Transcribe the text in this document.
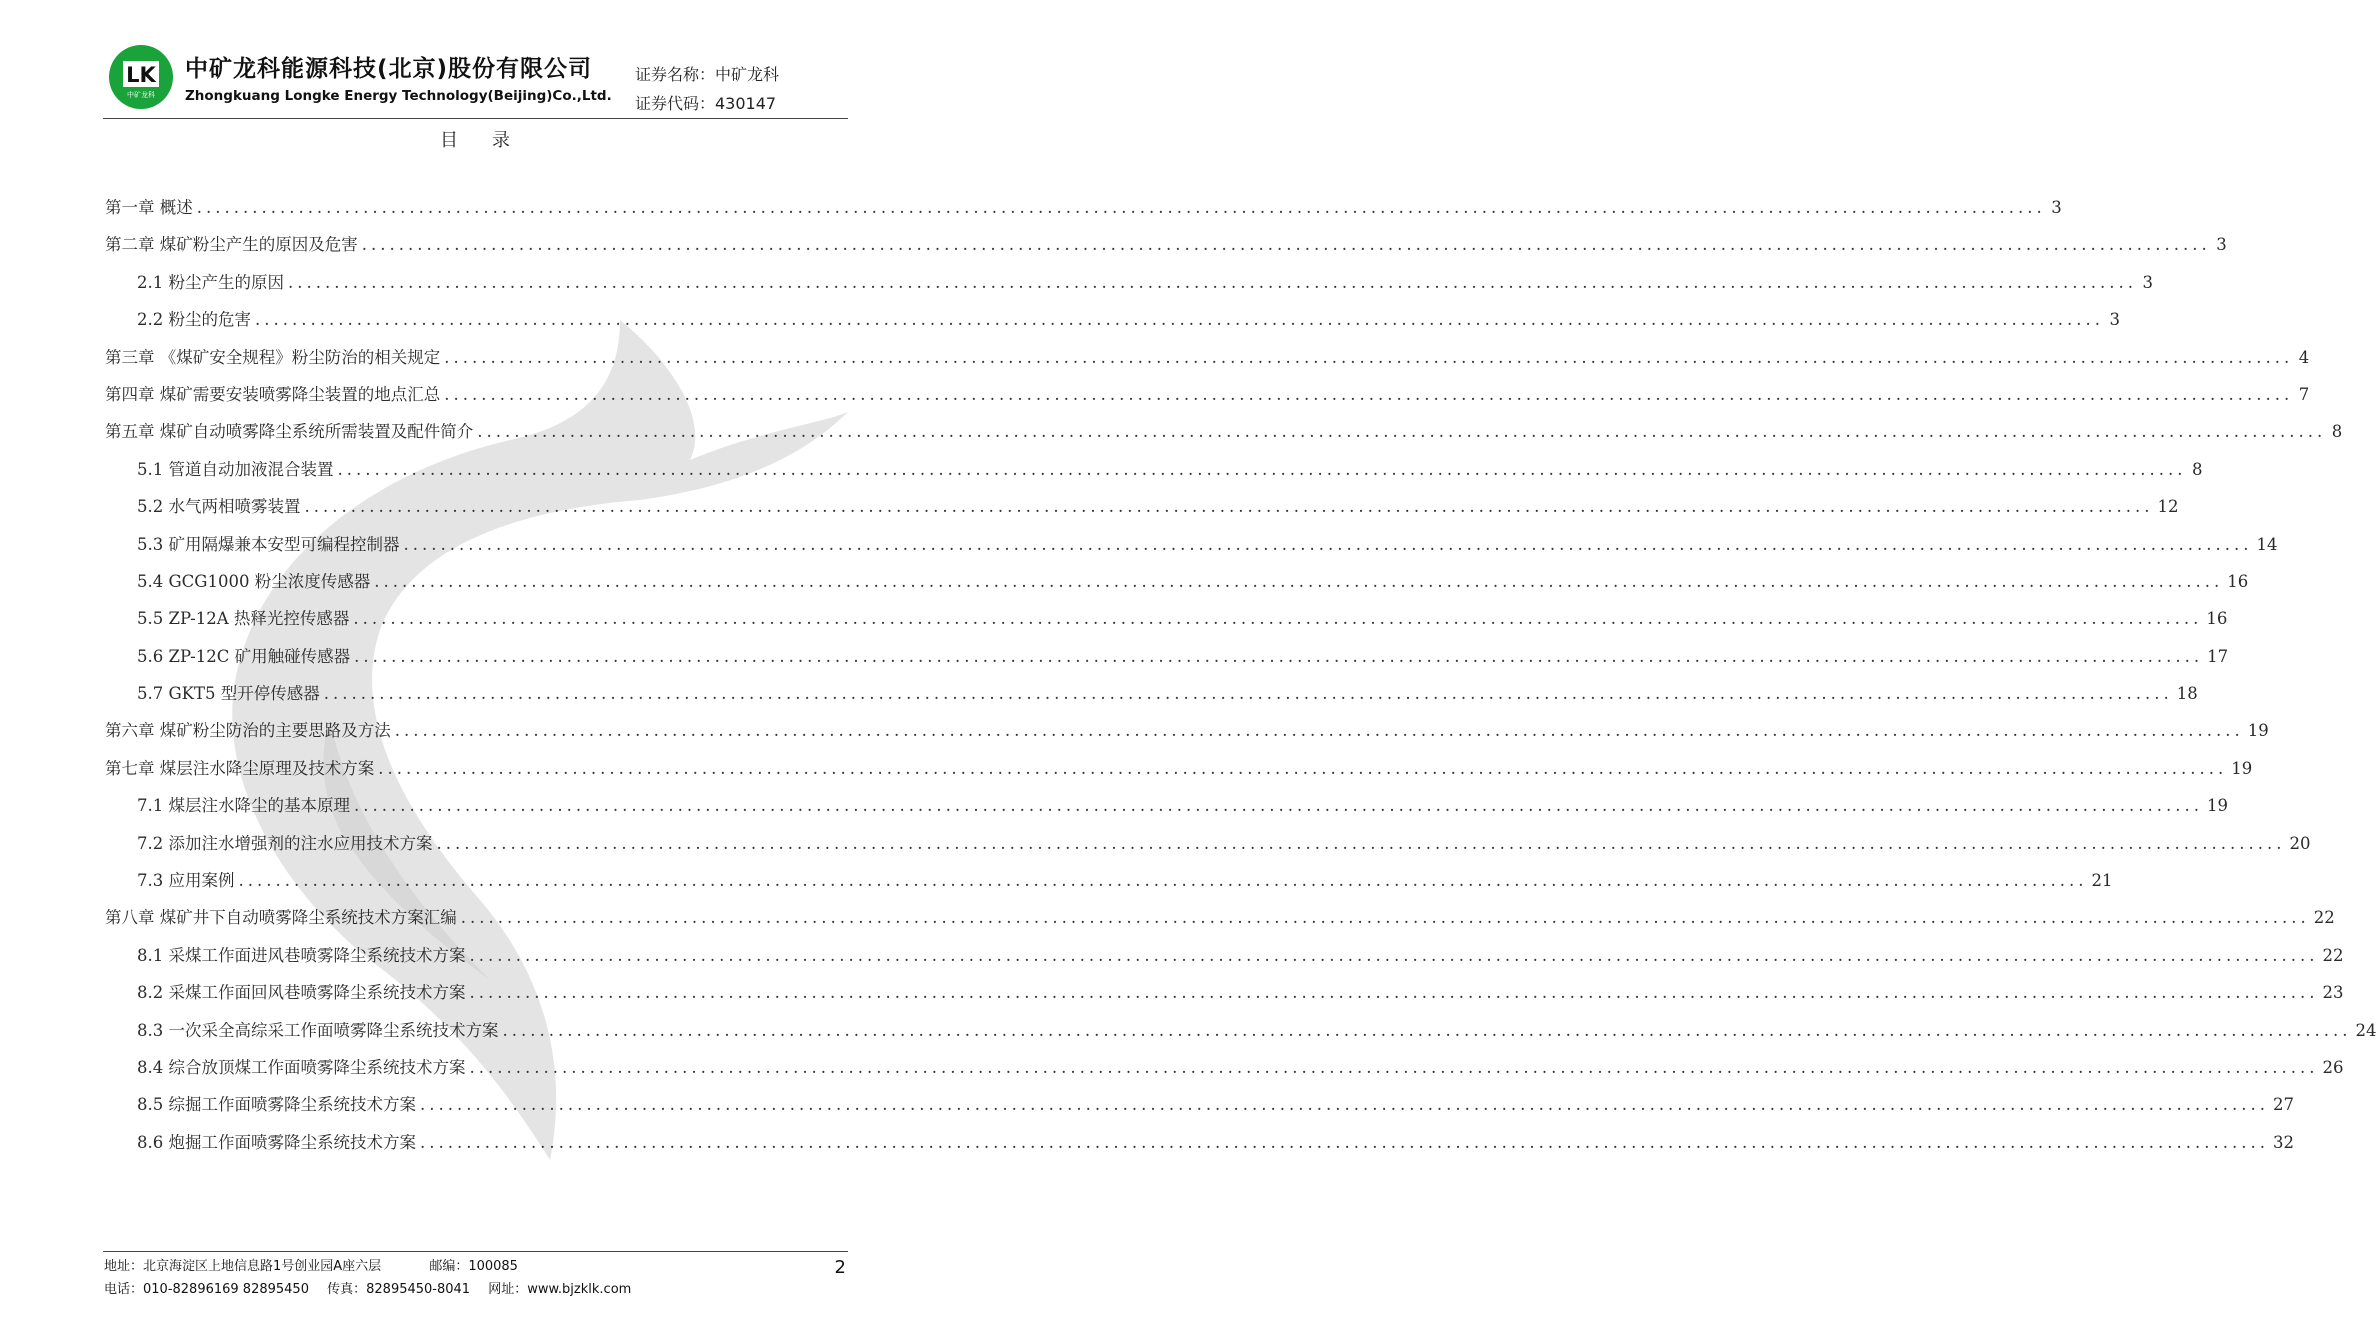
LK
中矿龙科
中矿龙科能源科技(北京)股份有限公司
Zhongkuang Longke Energy Technology(Beijing)Co.,Ltd.
证券名称：中矿龙科
证券代码：430147
目录
第一章 概述 ........................................................................................................................................................................................................ 3
第二章 煤矿粉尘产生的原因及危害 ........................................................................................................................................................................................................ 3
2.1 粉尘产生的原因 ........................................................................................................................................................................................................ 3
2.2 粉尘的危害 ........................................................................................................................................................................................................ 3
第三章 《煤矿安全规程》粉尘防治的相关规定 ........................................................................................................................................................................................................ 4
第四章 煤矿需要安装喷雾降尘装置的地点汇总 ........................................................................................................................................................................................................ 7
第五章 煤矿自动喷雾降尘系统所需装置及配件简介 ........................................................................................................................................................................................................ 8
5.1 管道自动加液混合装置 ........................................................................................................................................................................................................ 8
5.2 水气两相喷雾装置 ........................................................................................................................................................................................................ 12
5.3 矿用隔爆兼本安型可编程控制器 ........................................................................................................................................................................................................ 14
5.4 GCG1000 粉尘浓度传感器 ........................................................................................................................................................................................................ 16
5.5 ZP-12A 热释光控传感器 ........................................................................................................................................................................................................ 16
5.6 ZP-12C 矿用触碰传感器 ........................................................................................................................................................................................................ 17
5.7 GKT5 型开停传感器 ........................................................................................................................................................................................................ 18
第六章 煤矿粉尘防治的主要思路及方法 ........................................................................................................................................................................................................ 19
第七章 煤层注水降尘原理及技术方案 ........................................................................................................................................................................................................ 19
7.1 煤层注水降尘的基本原理 ........................................................................................................................................................................................................ 19
7.2 添加注水增强剂的注水应用技术方案 ........................................................................................................................................................................................................ 20
7.3 应用案例 ........................................................................................................................................................................................................ 21
第八章 煤矿井下自动喷雾降尘系统技术方案汇编 ........................................................................................................................................................................................................ 22
8.1 采煤工作面进风巷喷雾降尘系统技术方案 ........................................................................................................................................................................................................ 22
8.2 采煤工作面回风巷喷雾降尘系统技术方案 ........................................................................................................................................................................................................ 23
8.3 一次采全高综采工作面喷雾降尘系统技术方案 ........................................................................................................................................................................................................ 24
8.4 综合放顶煤工作面喷雾降尘系统技术方案 ........................................................................................................................................................................................................ 26
8.5 综掘工作面喷雾降尘系统技术方案 ........................................................................................................................................................................................................ 27
8.6 炮掘工作面喷雾降尘系统技术方案 ........................................................................................................................................................................................................ 32
地址：北京海淀区上地信息路1号创业园A座六层	邮编：100085
电话：010-82896169 82895450 传真：82895450-8041 网址：www.bjzklk.com
2
